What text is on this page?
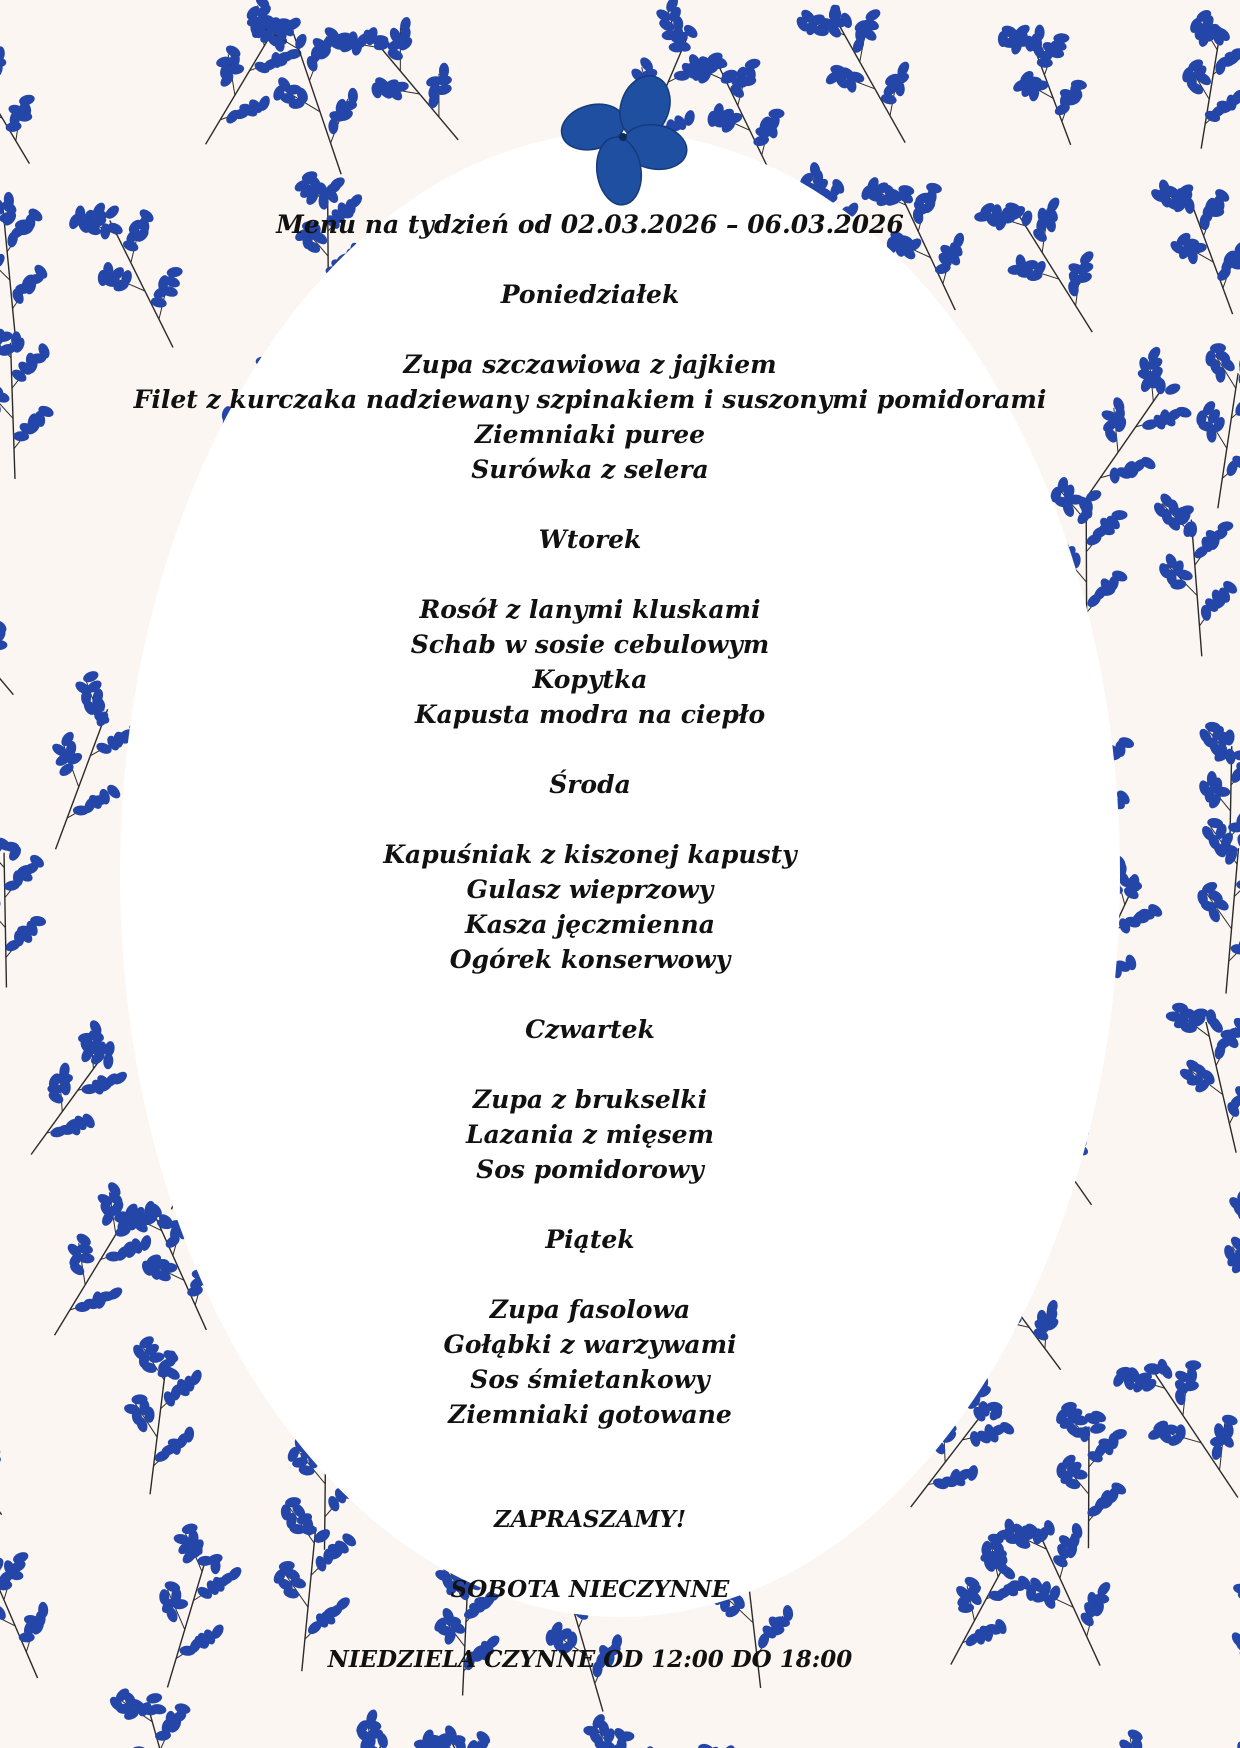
Menu na tydzień od 02.03.2026 – 06.03.2026
Poniedziałek
Zupa szczawiowa z jajkiem
Filet z kurczaka nadziewany szpinakiem i suszonymi pomidorami
Ziemniaki puree
Surówka z selera
Wtorek
Rosół z lanymi kluskami
Schab w sosie cebulowym
Kopytka
Kapusta modra na ciepło
Środa
Kapuśniak z kiszonej kapusty
Gulasz wieprzowy
Kasza jęczmienna
Ogórek konserwowy
Czwartek
Zupa z brukselki
Lazania z mięsem
Sos pomidorowy
Piątek
Zupa fasolowa
Gołąbki z warzywami
Sos śmietankowy
Ziemniaki gotowane
ZAPRASZAMY!
SOBOTA NIECZYNNE
NIEDZIELA CZYNNE OD 12:00 DO 18:00
